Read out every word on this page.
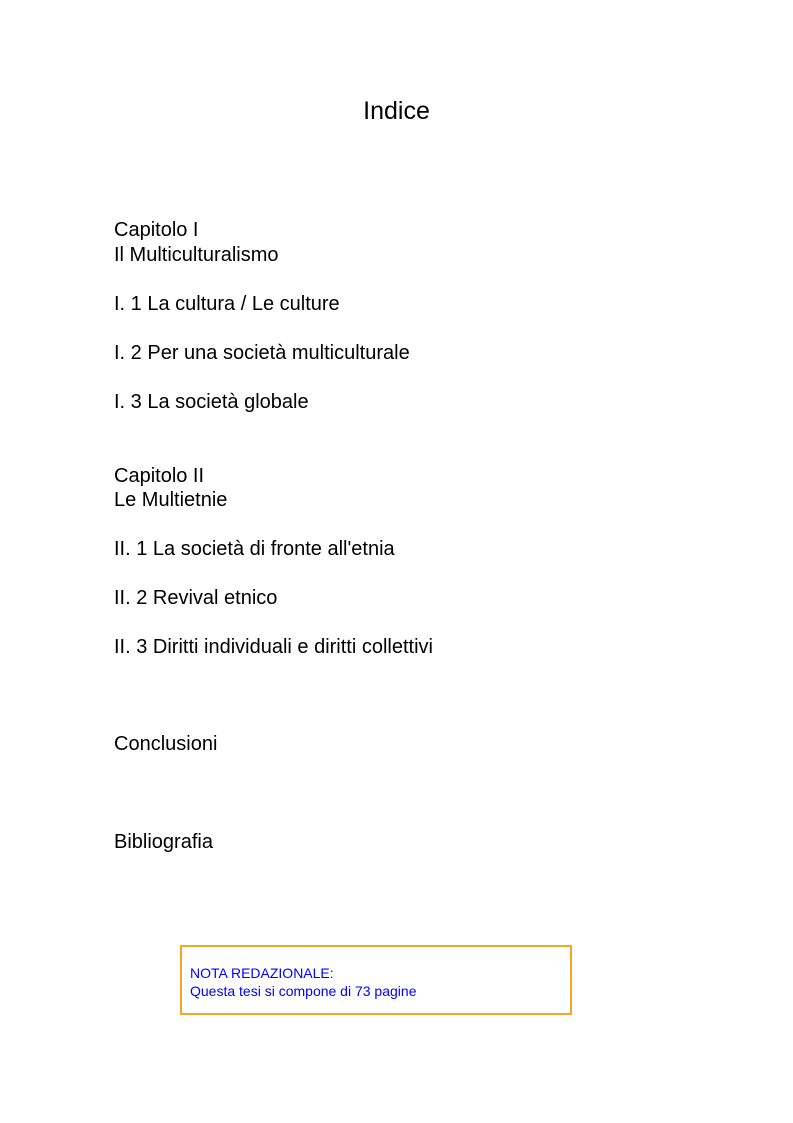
Indice
Capitolo I
Il Multiculturalismo
I. 1 La cultura / Le culture
I. 2 Per una società multiculturale
I. 3 La società globale
Capitolo II
Le Multietnie
II. 1 La società di fronte all'etnia
II. 2 Revival etnico
II. 3 Diritti individuali e diritti collettivi
Conclusioni
Bibliografia
NOTA REDAZIONALE:
Questa tesi si compone di 73 pagine
